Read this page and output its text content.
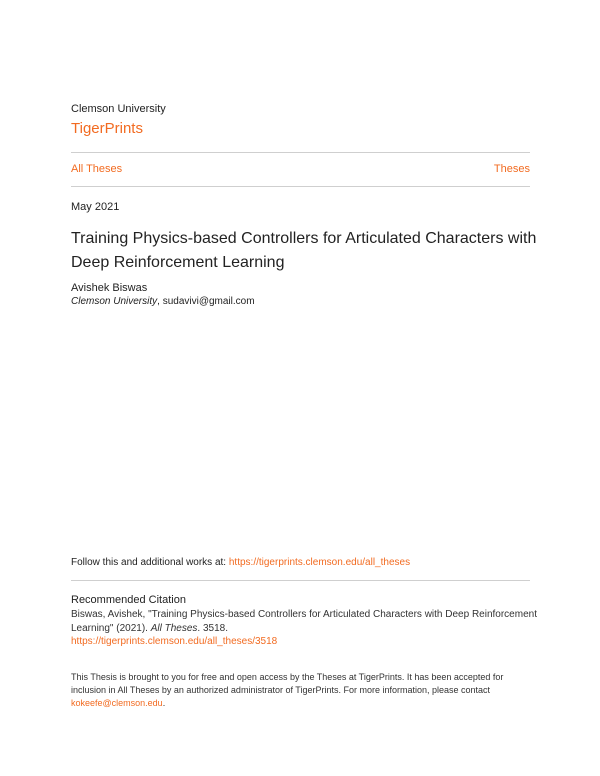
Clemson University
TigerPrints
All Theses	Theses
May 2021
Training Physics-based Controllers for Articulated Characters with Deep Reinforcement Learning
Avishek Biswas
Clemson University, sudavivi@gmail.com
Follow this and additional works at: https://tigerprints.clemson.edu/all_theses
Recommended Citation
Biswas, Avishek, "Training Physics-based Controllers for Articulated Characters with Deep Reinforcement Learning" (2021). All Theses. 3518.
https://tigerprints.clemson.edu/all_theses/3518
This Thesis is brought to you for free and open access by the Theses at TigerPrints. It has been accepted for inclusion in All Theses by an authorized administrator of TigerPrints. For more information, please contact kokeefe@clemson.edu.
